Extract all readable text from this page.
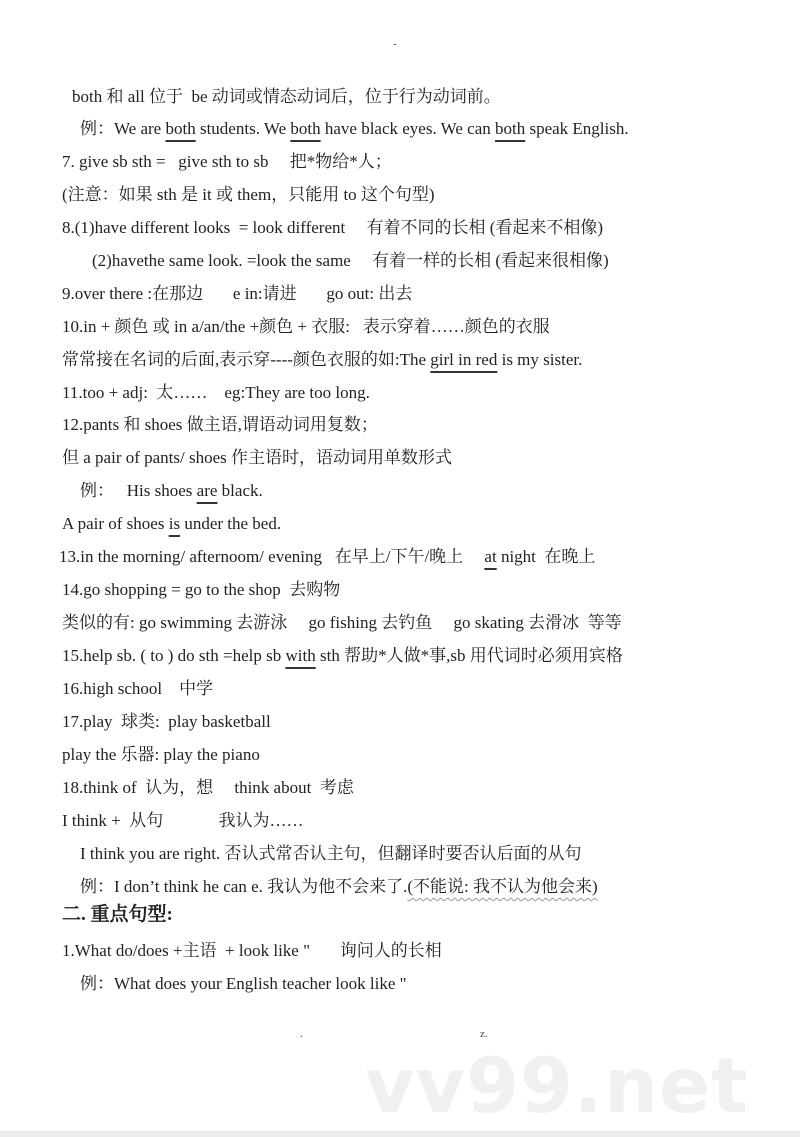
-
both 和 all 位于  be 动词或情态动词后，位于行为动词前。
例：We are both students. We both have black eyes. We can both speak English.
7. give sb sth =   give sth to sb     把*物给*人；
(注意：如果 sth 是 it 或 them，只能用 to 这个句型)
8.(1)have different looks  = look different     有着不同的长相 (看起来不相像)
(2)havethe same look. =look the same     有着一样的长相 (看起来很相像)
9.over there :在那边       e in:请进       go out: 出去
10.in + 颜色 或 in a/an/the +颜色 + 衣服:   表示穿着……颜色的衣服
常常接在名词的后面,表示穿----颜色衣服的如:The girl in red is my sister.
11.too + adj:  太……    eg:They are too long.
12.pants 和 shoes 做主语,谓语动词用复数；
但 a pair of pants/ shoes 作主语时，语动词用单数形式
例：   His shoes are black.
A pair of shoes is under the bed.
13.in the morning/ afternoom/ evening   在早上/下午/晚上     at night  在晚上
14.go shopping = go to the shop  去购物
类似的有: go swimming 去游泳     go fishing 去钓鱼     go skating 去滑冰  等等
15.help sb. ( to ) do sth =help sb with sth 帮助*人做*事,sb 用代词时必须用宾格
16.high school    中学
17.play  球类:  play basketball
play the 乐器: play the piano
18.think of  认为，想     think about  考虑
I think +  从句             我认为……
I think you are right. 否认式常否认主句，但翻译时要否认后面的从句
例：I don’t think he can e. 我认为他不会来了.(不能说: 我不认为他会来)
二. 重点句型:
1.What do/does +主语  + look like "       询问人的长相
例：What does your English teacher look like "
.	z.
vv99.net
